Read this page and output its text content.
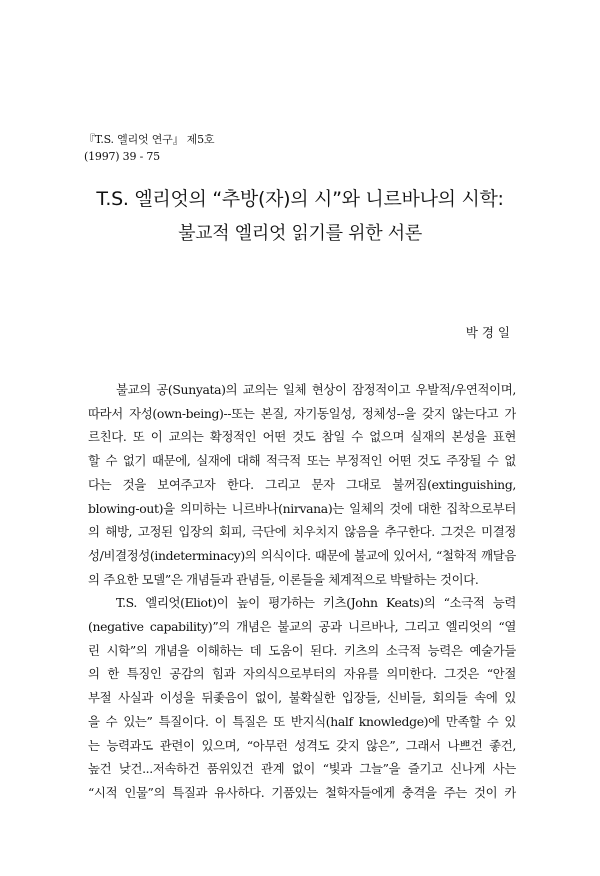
『T.S. 엘리엇 연구』 제5호
(1997) 39 - 75
T.S. 엘리엇의 “추방(자)의 시”와 니르바나의 시학:
불교적 엘리엇 읽기를 위한 서론
박경일
불교의 공(Sunyata)의 교의는 일체 현상이 잠정적이고 우발적/우연적이며,
따라서 자성(own-being)--또는 본질, 자기동일성, 정체성--을 갖지 않는다고 가
르친다. 또 이 교의는 확정적인 어떤 것도 참일 수 없으며 실재의 본성을 표현
할 수 없기 때문에, 실재에 대해 적극적 또는 부정적인 어떤 것도 주장될 수 없
다는 것을 보여주고자 한다. 그리고 문자 그대로 불꺼짐(extinguishing,
blowing-out)을 의미하는 니르바나(nirvana)는 일체의 것에 대한 집착으로부터
의 해방, 고정된 입장의 회피, 극단에 치우치지 않음을 추구한다. 그것은 미결정
성/비결정성(indeterminacy)의 의식이다. 때문에 불교에 있어서, “철학적 깨달음
의 주요한 모델”은 개념들과 관념들, 이론들을 체계적으로 박탈하는 것이다.
T.S. 엘리엇(Eliot)이 높이 평가하는 키츠(John Keats)의 “소극적 능력
(negative capability)”의 개념은 불교의 공과 니르바나, 그리고 엘리엇의 “열
린 시학”의 개념을 이해하는 데 도움이 된다. 키츠의 소극적 능력은 예술가들
의 한 특징인 공감의 힘과 자의식으로부터의 자유를 의미한다. 그것은 “안절
부절 사실과 이성을 뒤좇음이 없이, 불확실한 입장들, 신비들, 회의들 속에 있
을 수 있는” 특질이다. 이 특질은 또 반지식(half knowledge)에 만족할 수 있
는 능력과도 관련이 있으며, “아무런 성격도 갖지 않은”, 그래서 나쁘건 좋건,
높건 낮건...저속하건 품위있건 관계 없이 “빛과 그늘”을 즐기고 신나게 사는
“시적 인물”의 특질과 유사하다. 기품있는 철학자들에게 충격을 주는 것이 카
